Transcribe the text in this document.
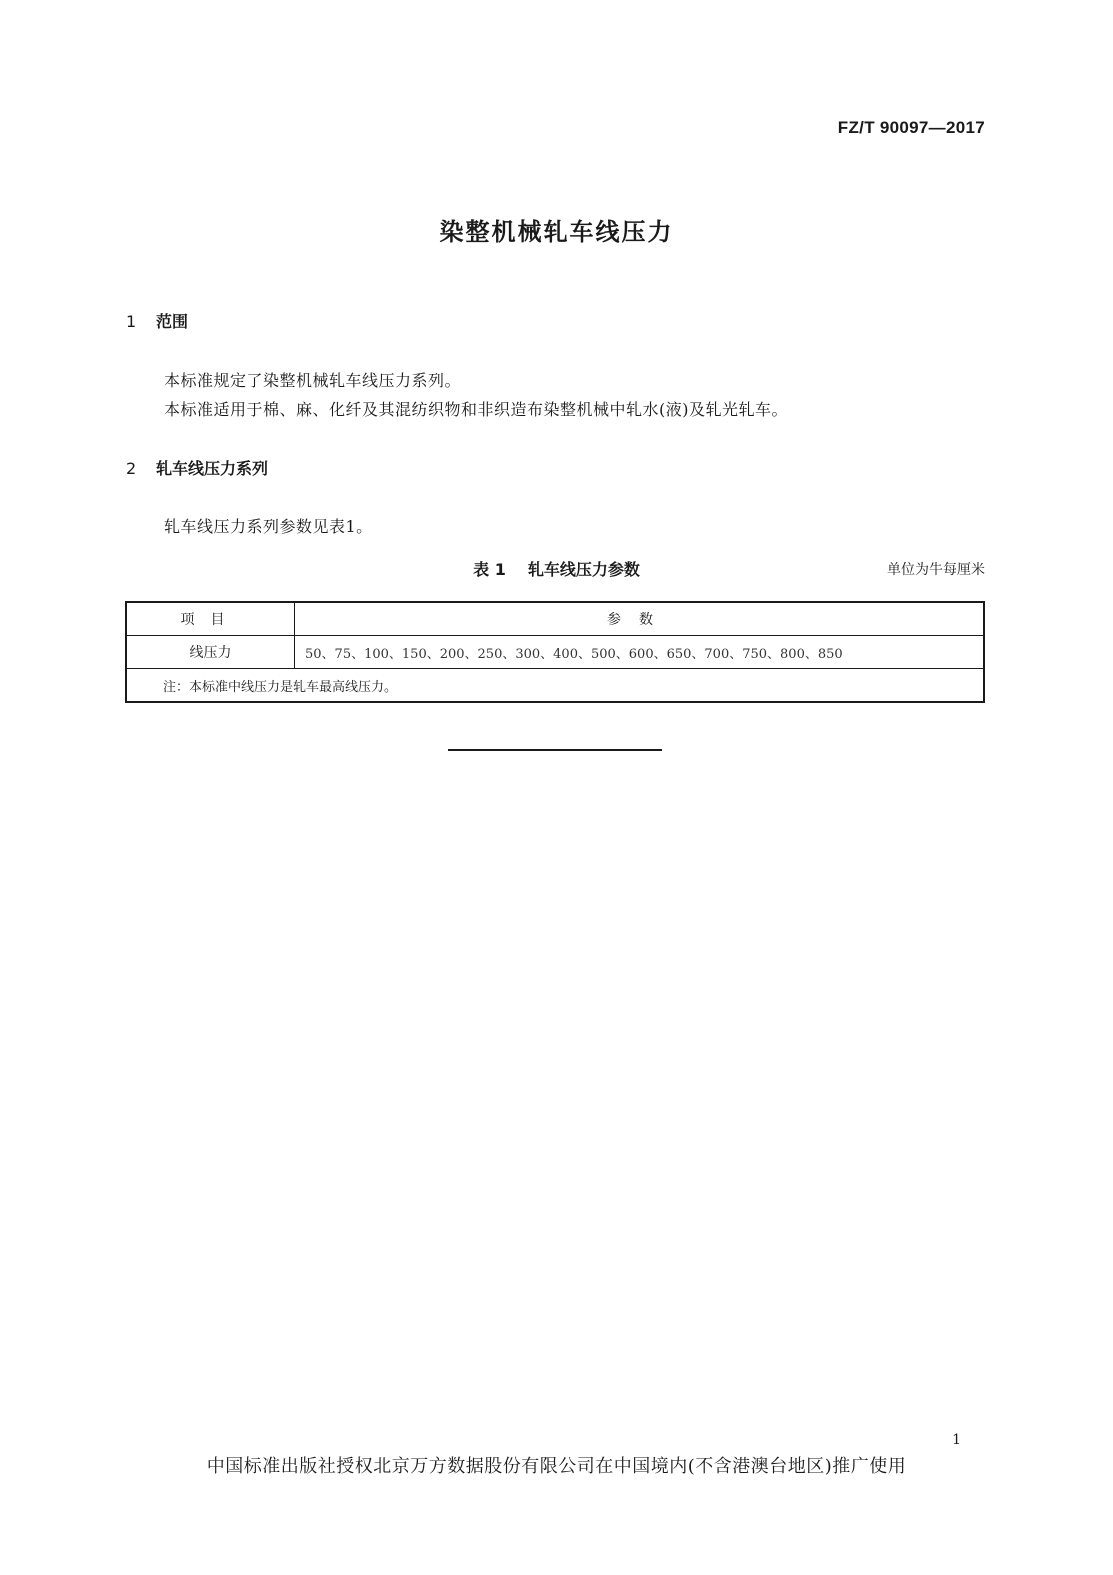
FZ/T 90097—2017
染整机械轧车线压力
1 范围
本标准规定了染整机械轧车线压力系列。
本标准适用于棉、麻、化纤及其混纺织物和非织造布染整机械中轧水(液)及轧光轧车。
2 轧车线压力系列
轧车线压力系列参数见表1。
表 1 轧车线压力参数	单位为牛每厘米
项目	参数
线压力	50、75、100、150、200、250、300、400、500、600、650、700、750、800、850
注：本标准中线压力是轧车最高线压力。	
1
中国标准出版社授权北京万方数据股份有限公司在中国境内(不含港澳台地区)推广使用
